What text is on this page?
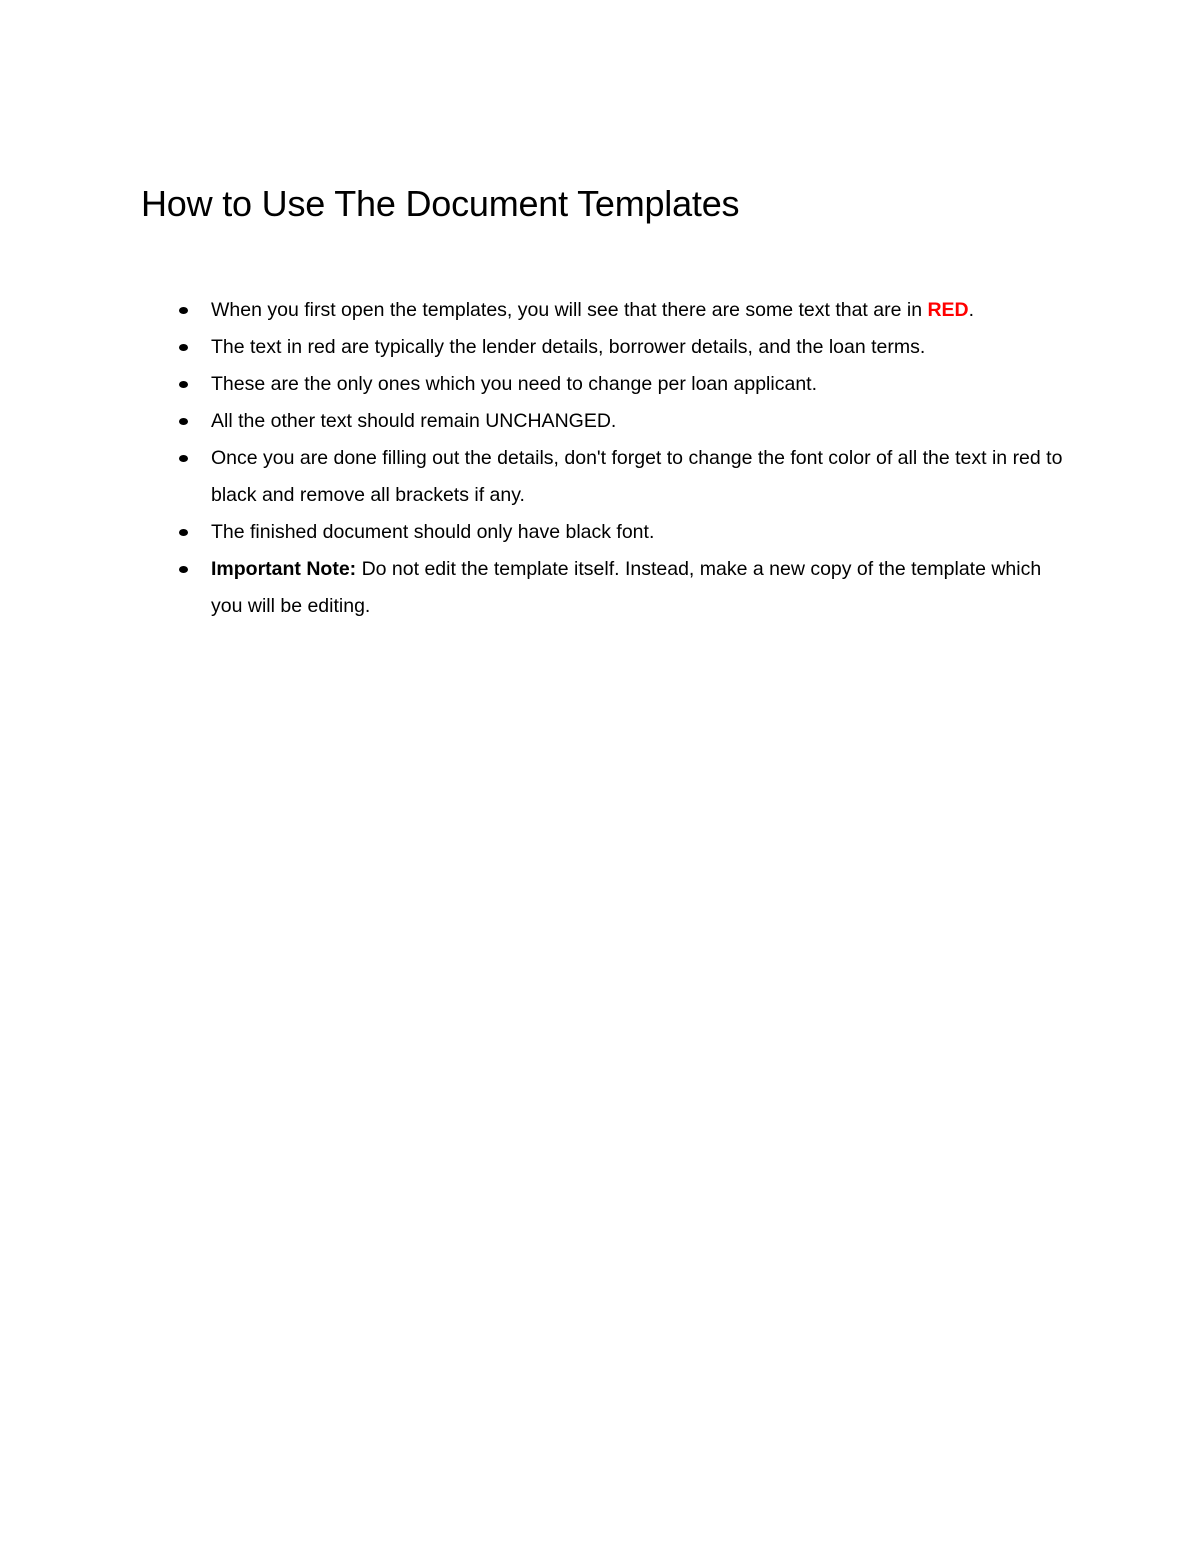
How to Use The Document Templates
When you first open the templates, you will see that there are some text that are in RED.
The text in red are typically the lender details, borrower details, and the loan terms.
These are the only ones which you need to change per loan applicant.
All the other text should remain UNCHANGED.
Once you are done filling out the details, don't forget to change the font color of all the text in red to black and remove all brackets if any.
The finished document should only have black font.
Important Note: Do not edit the template itself. Instead, make a new copy of the template which you will be editing.
